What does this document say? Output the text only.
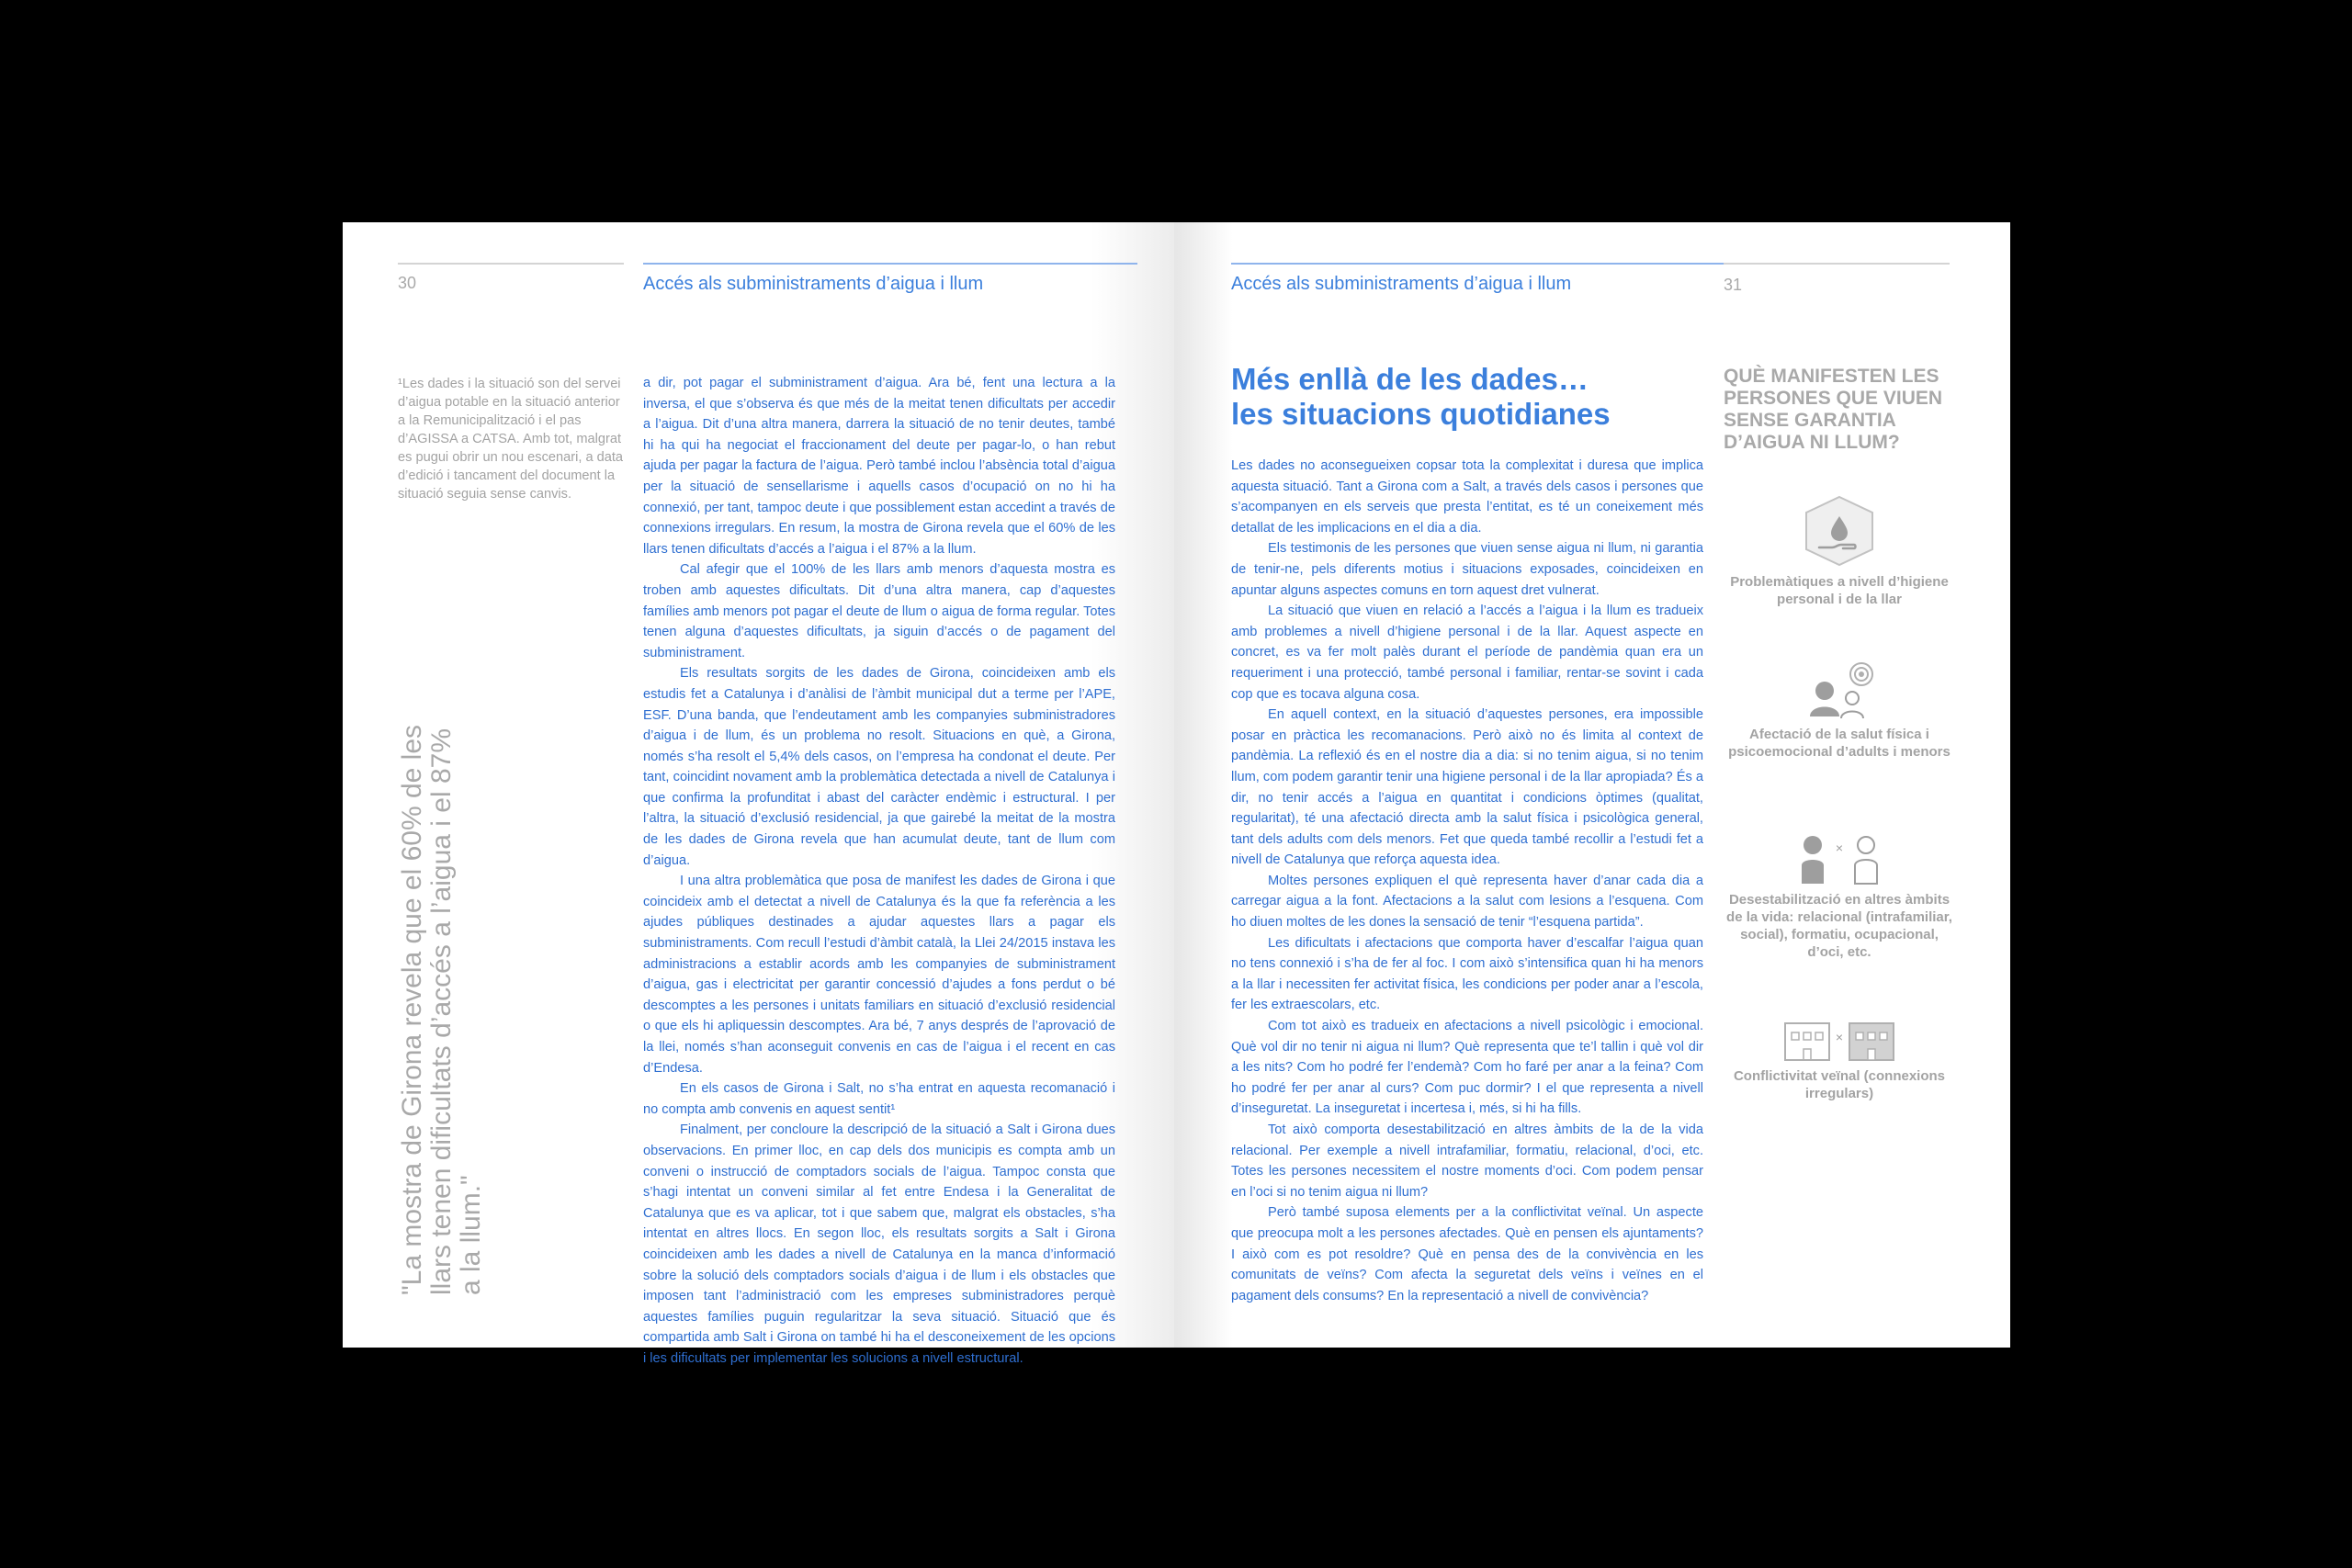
30	Accés als subministraments d’aigua i llum
¹Les dades i la situació son del servei d’aigua potable en la situació anterior a la Remunicipalització i el pas d’AGISSA a CATSA. Amb tot, malgrat es pugui obrir un nou escenari, a data d’edició i tancament del document la situació seguia sense canvis.
"La mostra de Girona revela que el 60% de les llars tenen dificultats d’accés a l’aigua i el 87% a la llum."

a dir, pot pagar el subministrament d’aigua. Ara bé, fent una lectura a la inversa, el que s’observa és que més de la meitat tenen dificultats per accedir a l’aigua. Dit d’una altra manera, darrera la situació de no tenir deutes, també hi ha qui ha negociat el fraccionament del deute per pagar-lo, o han rebut ajuda per pagar la factura de l’aigua. Però també inclou l’absència total d’aigua per la situació de sensellarisme i aquells casos d’ocupació on no hi ha connexió, per tant, tampoc deute i que possiblement estan accedint a través de connexions irregulars. En resum, la mostra de Girona revela que el 60% de les llars tenen dificultats d’accés a l’aigua i el 87% a la llum.

Cal afegir que el 100% de les llars amb menors d’aquesta mostra es troben amb aquestes dificultats. Dit d’una altra manera, cap d’aquestes famílies amb menors pot pagar el deute de llum o aigua de forma regular. Totes tenen alguna d’aquestes dificultats, ja siguin d’accés o de pagament del subministrament.

Els resultats sorgits de les dades de Girona, coincideixen amb els estudis fet a Catalunya i d’anàlisi de l’àmbit municipal dut a terme per l’APE, ESF. D’una banda, que l’endeutament amb les companyies subministradores d’aigua i de llum, és un problema no resolt. Situacions en què, a Girona, només s’ha resolt el 5,4% dels casos, on l’empresa ha condonat el deute. Per tant, coincidint novament amb la problemàtica detectada a nivell de Catalunya i que confirma la profunditat i abast del caràcter endèmic i estructural. I per l’altra, la situació d’exclusió residencial, ja que gairebé la meitat de la mostra de les dades de Girona revela que han acumulat deute, tant de llum com d’aigua.

I una altra problemàtica que posa de manifest les dades de Girona i que coincideix amb el detectat a nivell de Catalunya és la que fa referència a les ajudes públiques destinades a ajudar aquestes llars a pagar els subministraments. Com recull l’estudi d’àmbit català, la Llei 24/2015 instava les administracions a establir acords amb les companyies de subministrament d’aigua, gas i electricitat per garantir concessió d’ajudes a fons perdut o bé descomptes a les persones i unitats familiars en situació d’exclusió residencial o que els hi apliquessin descomptes. Ara bé, 7 anys després de l’aprovació de la llei, només s’han aconseguit convenis en cas de l’aigua i el recent en cas d’Endesa.

En els casos de Girona i Salt, no s’ha entrat en aquesta recomanació i no compta amb convenis en aquest sentit¹

Finalment, per concloure la descripció de la situació a Salt i Girona dues observacions. En primer lloc, en cap dels dos municipis es compta amb un conveni o instrucció de comptadors socials de l’aigua. Tampoc consta que s’hagi intentat un conveni similar al fet entre Endesa i la Generalitat de Catalunya que es va aplicar, tot i que sabem que, malgrat els obstacles, s’ha intentat en altres llocs. En segon lloc, els resultats sorgits a Salt i Girona coincideixen amb les dades a nivell de Catalunya en la manca d’informació sobre la solució dels comptadors socials d’aigua i de llum i els obstacles que imposen tant l’administració com les empreses subministradores perquè aquestes famílies puguin regularitzar la seva situació. Situació que és compartida amb Salt i Girona on també hi ha el desconeixement de les opcions i les dificultats per implementar les solucions a nivell estructural.

Accés als subministraments d’aigua i llum	31
Més enllà de les dades…
les situacions quotidianes

Les dades no aconsegueixen copsar tota la complexitat i duresa que implica aquesta situació. Tant a Girona com a Salt, a través dels casos i persones que s’acompanyen en els serveis que presta l’entitat, es té un coneixement més detallat de les implicacions en el dia a dia.

Els testimonis de les persones que viuen sense aigua ni llum, ni garantia de tenir-ne, pels diferents motius i situacions exposades, coincideixen en apuntar alguns aspectes comuns en torn aquest dret vulnerat.

La situació que viuen en relació a l’accés a l’aigua i la llum es tradueix amb problemes a nivell d’higiene personal i de la llar. Aquest aspecte en concret, es va fer molt palès durant el període de pandèmia quan era un requeriment i una protecció, també personal i familiar, rentar-se sovint i cada cop que es tocava alguna cosa.

En aquell context, en la situació d’aquestes persones, era impossible posar en pràctica les recomanacions. Però això no és limita al context de pandèmia. La reflexió és en el nostre dia a dia: si no tenim aigua, si no tenim llum, com podem garantir tenir una higiene personal i de la llar apropiada? És a dir, no tenir accés a l’aigua en quantitat i condicions òptimes (qualitat, regularitat), té una afectació directa amb la salut física i psicològica general, tant dels adults com dels menors. Fet que queda també recollir a l’estudi fet a nivell de Catalunya que reforça aquesta idea.

Moltes persones expliquen el què representa haver d’anar cada dia a carregar aigua a la font. Afectacions a la salut com lesions a l’esquena. Com ho diuen moltes de les dones la sensació de tenir “l’esquena partida”.

Les dificultats i afectacions que comporta haver d’escalfar l’aigua quan no tens connexió i s’ha de fer al foc. I com això s’intensifica quan hi ha menors a la llar i necessiten fer activitat física, les condicions per poder anar a l’escola, fer les extraescolars, etc.

Com tot això es tradueix en afectacions a nivell psicològic i emocional. Què vol dir no tenir ni aigua ni llum? Què representa que te’l tallin i què vol dir a les nits? Com ho podré fer l’endemà? Com ho faré per anar a la feina? Com ho podré fer per anar al curs? Com puc dormir? I el que representa a nivell d’inseguretat. La inseguretat i incertesa i, més, si hi ha fills.

Tot això comporta desestabilització en altres àmbits de la de la vida relacional. Per exemple a nivell intrafamiliar, formatiu, relacional, d’oci, etc. Totes les persones necessitem el nostre moments d’oci. Com podem pensar en l’oci si no tenim aigua ni llum?

Però també suposa elements per a la conflictivitat veïnal. Un aspecte que preocupa molt a les persones afectades. Què en pensen els ajuntaments? I això com es pot resoldre? Què en pensa des de la convivència en les comunitats de veïns? Com afecta la seguretat dels veïns i veïnes en el pagament dels consums? En la representació a nivell de convivència?

QUÈ MANIFESTEN LES PERSONES QUE VIUEN SENSE GARANTIA D’AIGUA NI LLUM?
Problemàtiques a nivell d’higiene personal i de la llar
Afectació de la salut física i psicoemocional d’adults i menors
×
Desestabilització en altres àmbits de la vida: relacional (intrafamiliar, social), formatiu, ocupacional, d’oci, etc.
×
Conflictivitat veïnal (connexions irregulars)
